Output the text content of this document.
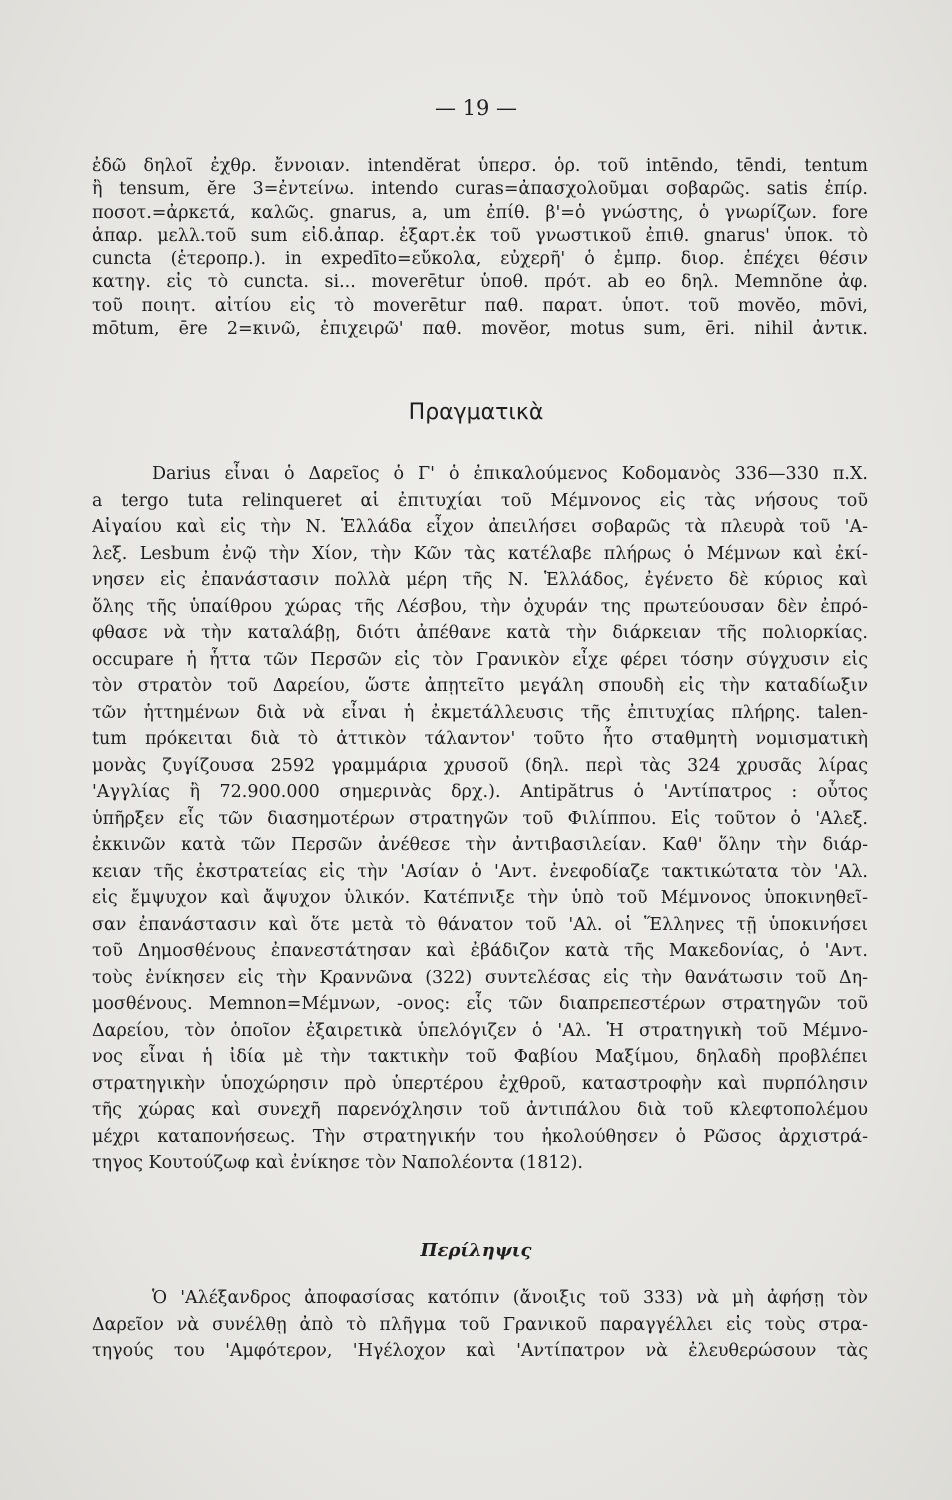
— 19 —
ἐδῶ δηλοῖ ἐχθρ. ἔννοιαν. intendĕrat ὑπερσ. ὁρ. τοῦ intēndo, tēndi, tentum
ἢ tensum, ĕre 3=ἐντείνω. intendo curas=ἀπασχολοῦμαι σοβαρῶς. satis ἐπίρ.
ποσοτ.=ἀρκετά, καλῶς. gnarus, a, um ἐπίθ. β'=ὁ γνώστης, ὁ γνωρίζων. fore
ἀπαρ. μελλ.τοῦ sum εἰδ.ἀπαρ. ἐξαρτ.ἐκ τοῦ γνωστικοῦ ἐπιθ. gnarus' ὑποκ. τὸ
cuncta (ἑτεροπρ.). in expedīto=εὔκολα, εὐχερῆ' ὁ ἐμπρ. διορ. ἐπέχει θέσιν
κατηγ. εἰς τὸ cuncta. si... moverētur ὑποθ. πρότ. ab eo δηλ. Memnŏne ἀφ.
τοῦ ποιητ. αἰτίου εἰς τὸ moverētur παθ. παρατ. ὑποτ. τοῦ movĕo, mōvi,
mōtum, ēre 2=κινῶ, ἐπιχειρῶ' παθ. movĕor, motus sum, ēri. nihil ἀντικ.
Πραγματικὰ
Darius εἶναι ὁ Δαρεῖος ὁ Γ' ὁ ἐπικαλούμενος Κοδομανὸς 336—330 π.Χ.
a tergo tuta relinqueret αἱ ἐπιτυχίαι τοῦ Μέμνονος εἰς τὰς νήσους τοῦ
Αἰγαίου καὶ εἰς τὴν Ν. Ἑλλάδα εἶχον ἀπειλήσει σοβαρῶς τὰ πλευρὰ τοῦ 'Α-
λεξ. Lesbum ἐνῷ τὴν Χίον, τὴν Κῶν τὰς κατέλαβε πλήρως ὁ Μέμνων καὶ ἐκί-
νησεν εἰς ἐπανάστασιν πολλὰ μέρη τῆς Ν. Ἑλλάδος, ἐγένετο δὲ κύριος καὶ
ὅλης τῆς ὑπαίθρου χώρας τῆς Λέσβου, τὴν ὀχυράν της πρωτεύουσαν δὲν ἐπρό-
φθασε νὰ τὴν καταλάβῃ, διότι ἀπέθανε κατὰ τὴν διάρκειαν τῆς πολιορκίας.
occupare ἡ ἧττα τῶν Περσῶν εἰς τὸν Γρανικὸν εἶχε φέρει τόσην σύγχυσιν εἰς
τὸν στρατὸν τοῦ Δαρείου, ὥστε ἀπῃτεῖτο μεγάλη σπουδὴ εἰς τὴν καταδίωξιν
τῶν ἡττημένων διὰ νὰ εἶναι ἡ ἐκμετάλλευσις τῆς ἐπιτυχίας πλήρης. talen-
tum πρόκειται διὰ τὸ ἀττικὸν τάλαντον' τοῦτο ἦτο σταθμητὴ νομισματικὴ
μονὰς ζυγίζουσα 2592 γραμμάρια χρυσοῦ (δηλ. περὶ τὰς 324 χρυσᾶς λίρας
'Αγγλίας ἢ 72.900.000 σημερινὰς δρχ.). Antipătrus ὁ 'Αντίπατρος : οὗτος
ὑπῆρξεν εἷς τῶν διασημοτέρων στρατηγῶν τοῦ Φιλίππου. Εἰς τοῦτον ὁ 'Αλεξ.
ἐκκινῶν κατὰ τῶν Περσῶν ἀνέθεσε τὴν ἀντιβασιλείαν. Καθ' ὅλην τὴν διάρ-
κειαν τῆς ἐκστρατείας εἰς τὴν 'Ασίαν ὁ 'Αντ. ἐνεφοδίαζε τακτικώτατα τὸν 'Αλ.
εἰς ἔμψυχον καὶ ἄψυχον ὑλικόν. Κατέπνιξε τὴν ὑπὸ τοῦ Μέμνονος ὑποκινηθεῖ-
σαν ἐπανάστασιν καὶ ὅτε μετὰ τὸ θάνατον τοῦ 'Αλ. οἱ Ἕλληνες τῇ ὑποκινήσει
τοῦ Δημοσθένους ἐπανεστάτησαν καὶ ἐβάδιζον κατὰ τῆς Μακεδονίας, ὁ 'Αντ.
τοὺς ἐνίκησεν εἰς τὴν Κραννῶνα (322) συντελέσας εἰς τὴν θανάτωσιν τοῦ Δη-
μοσθένους. Memnon=Μέμνων, -ονος: εἷς τῶν διαπρεπεστέρων στρατηγῶν τοῦ
Δαρείου, τὸν ὁποῖον ἐξαιρετικὰ ὑπελόγιζεν ὁ 'Αλ. Ἡ στρατηγικὴ τοῦ Μέμνο-
νος εἶναι ἡ ἰδία μὲ τὴν τακτικὴν τοῦ Φαβίου Μαξίμου, δηλαδὴ προβλέπει
στρατηγικὴν ὑποχώρησιν πρὸ ὑπερτέρου ἐχθροῦ, καταστροφὴν καὶ πυρπόλησιν
τῆς χώρας καὶ συνεχῆ παρενόχλησιν τοῦ ἀντιπάλου διὰ τοῦ κλεφτοπολέμου
μέχρι καταπονήσεως. Τὴν στρατηγικήν του ἠκολούθησεν ὁ Ρῶσος ἀρχιστρά-
τηγος Κουτούζωφ καὶ ἐνίκησε τὸν Ναπολέοντα (1812).
Περίληψις
Ὁ 'Αλέξανδρος ἀποφασίσας κατόπιν (ἄνοιξις τοῦ 333) νὰ μὴ ἀφήσῃ τὸν
Δαρεῖον νὰ συνέλθῃ ἀπὸ τὸ πλῆγμα τοῦ Γρανικοῦ παραγγέλλει εἰς τοὺς στρα-
τηγούς του 'Αμφότερον, 'Ηγέλοχον καὶ 'Αντίπατρον νὰ ἐλευθερώσουν τὰς
